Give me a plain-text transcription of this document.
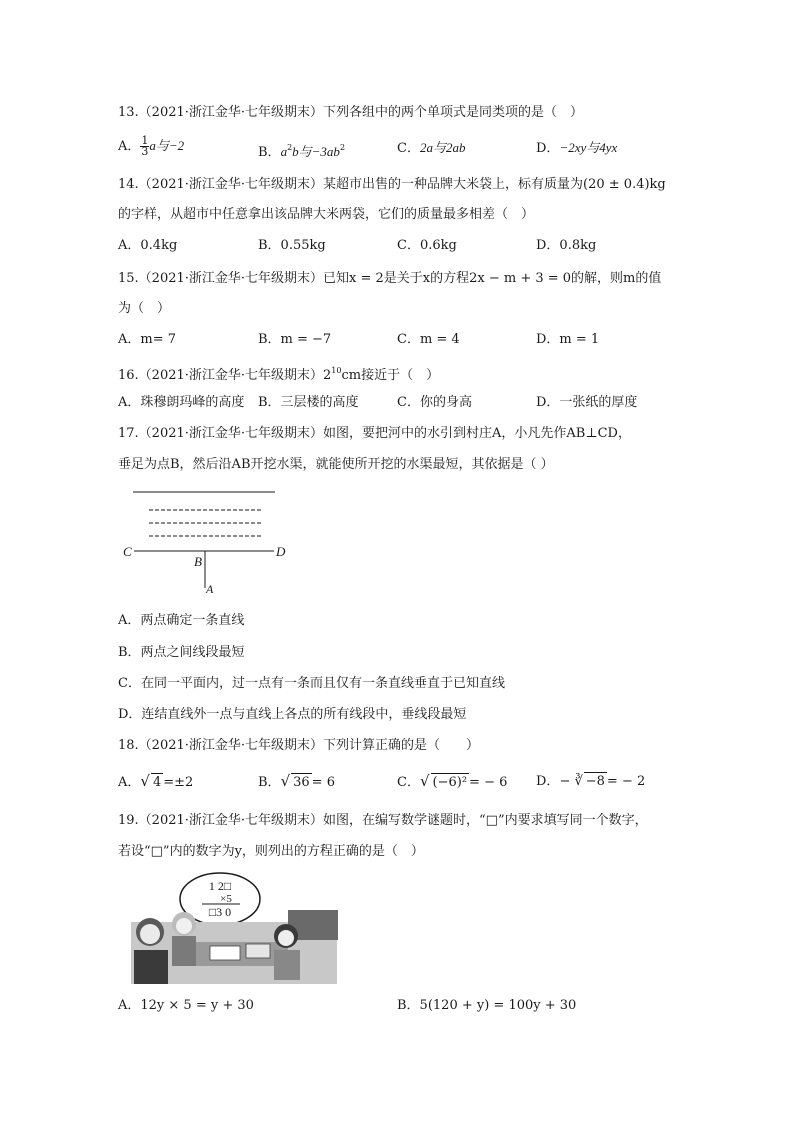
13.（2021·浙江金华·七年级期末）下列各组中的两个单项式是同类项的是（　）
A． $\frac{1}{3}$ a与−2	B．$a^2b$与$-3ab^2$	C．2a与2ab	D．−2xy与4yx
14.（2021·浙江金华·七年级期末）某超市出售的一种品牌大米袋上，标有质量为(20 ± 0.4)kg
的字样，从超市中任意拿出该品牌大米两袋，它们的质量最多相差（　）
A．0.4kg	B．0.55kg	C．0.6kg	D．0.8kg
15.（2021·浙江金华·七年级期末）已知x = 2是关于x的方程2x − m + 3 = 0的解，则m的值
为（　）
A．m= 7	B．m = −7	C．m = 4	D．m = 1
16.（2021·浙江金华·七年级期末）$2^{10}cm$接近于（　）
A．珠穆朗玛峰的高度 B．三层楼的高度	C．你的身高	D．一张纸的厚度
17.（2021·浙江金华·七年级期末）如图，要把河中的水引到村庄A，小凡先作AB⊥CD，
垂足为点B，然后沿AB开挖水渠，就能使所开挖的水渠最短，其依据是（ ）
C
B
D
A
A．两点确定一条直线
B．两点之间线段最短
C．在同一平面内，过一点有一条而且仅有一条直线垂直于已知直线
D．连结直线外一点与直线上各点的所有线段中，垂线段最短
18.（2021·浙江金华·七年级期末）下列计算正确的是（　　）
A．√ 4 =±2	B．√ 36 = 6	C．√ (−6)² = − 6 D．− ∛ −8 = − 2
19.（2021·浙江金华·七年级期末）如图，在编写数学谜题时，“□”内要求填写同一个数字，
若设“□”内的数字为y，则列出的方程正确的是（　）
1 2□
×5
□3 0
A．12y × 5 = y + 30	B．5(120 + y) = 100y + 30
